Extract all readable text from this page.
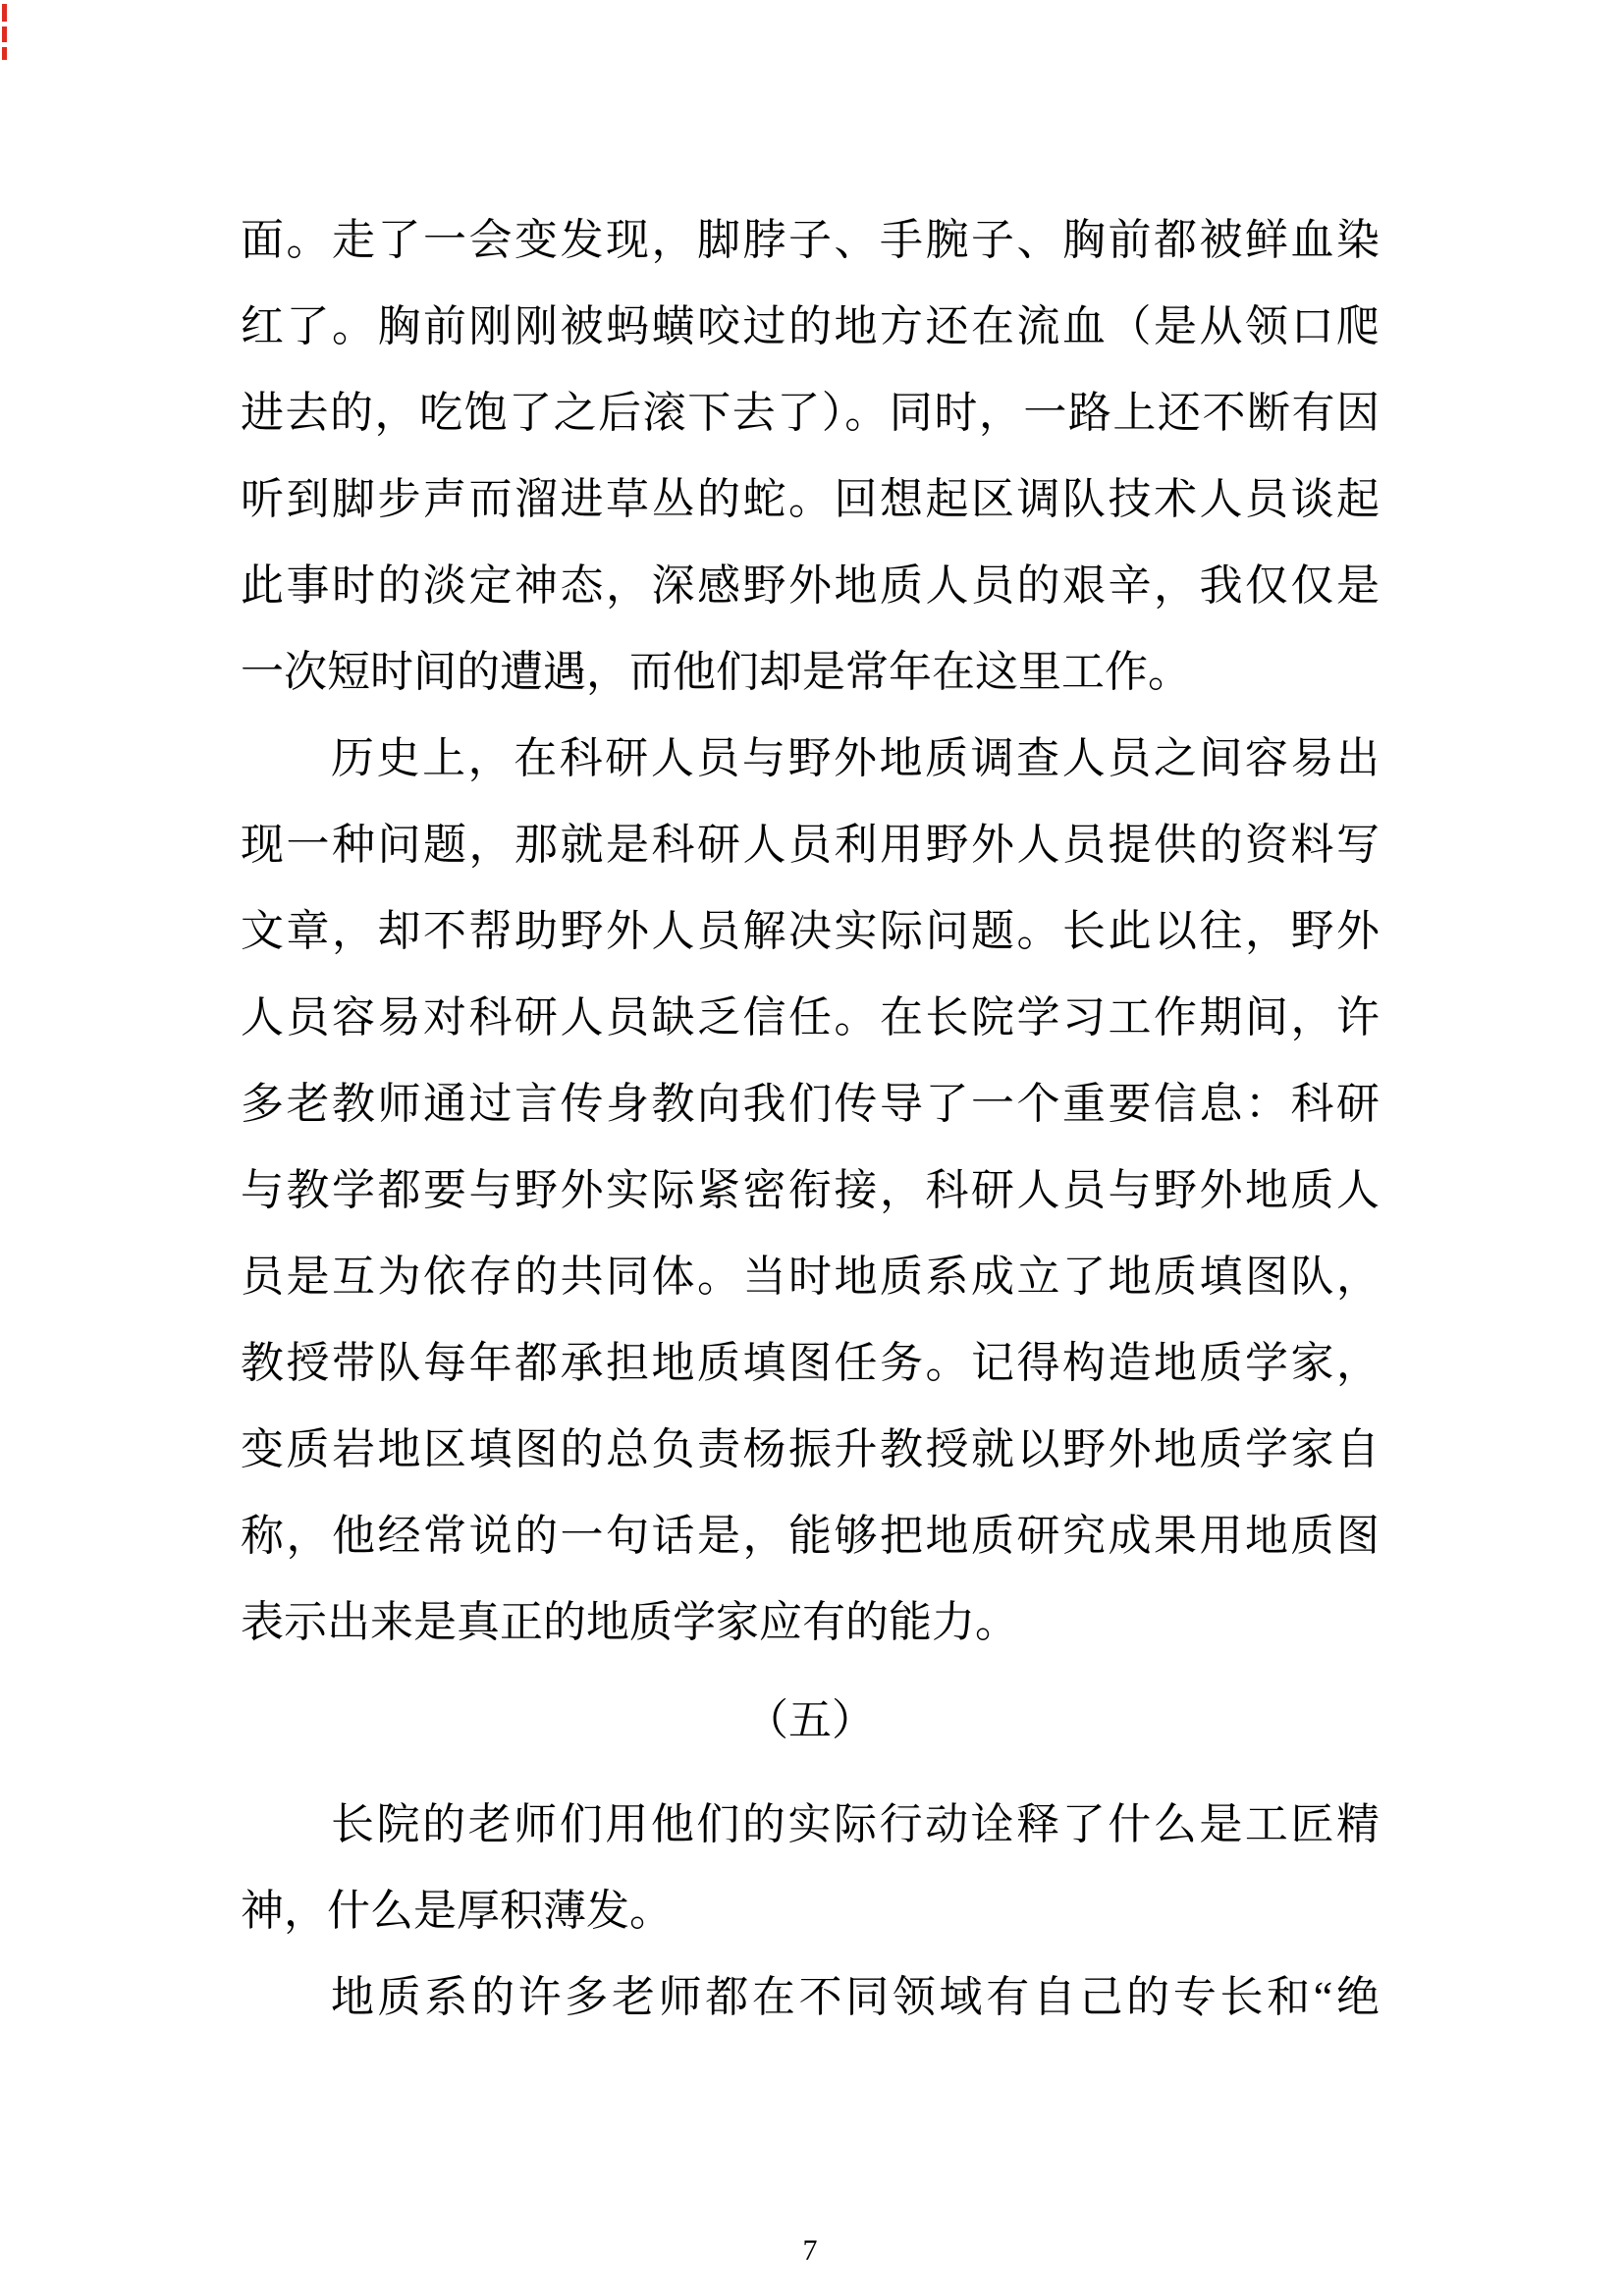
面。走了一会变发现，脚脖子、手腕子、胸前都被鲜血染
红了。胸前刚刚被蚂蟥咬过的地方还在流血（是从领口爬
进去的，吃饱了之后滚下去了）。同时，一路上还不断有因
听到脚步声而溜进草丛的蛇。回想起区调队技术人员谈起
此事时的淡定神态，深感野外地质人员的艰辛，我仅仅是
一次短时间的遭遇，而他们却是常年在这里工作。
历史上，在科研人员与野外地质调查人员之间容易出
现一种问题，那就是科研人员利用野外人员提供的资料写
文章，却不帮助野外人员解决实际问题。长此以往，野外
人员容易对科研人员缺乏信任。在长院学习工作期间，许
多老教师通过言传身教向我们传导了一个重要信息：科研
与教学都要与野外实际紧密衔接，科研人员与野外地质人
员是互为依存的共同体。当时地质系成立了地质填图队，
教授带队每年都承担地质填图任务。记得构造地质学家，
变质岩地区填图的总负责杨振升教授就以野外地质学家自
称，他经常说的一句话是，能够把地质研究成果用地质图
表示出来是真正的地质学家应有的能力。
（五）
长院的老师们用他们的实际行动诠释了什么是工匠精
神，什么是厚积薄发。
地质系的许多老师都在不同领域有自己的专长和“绝
7
